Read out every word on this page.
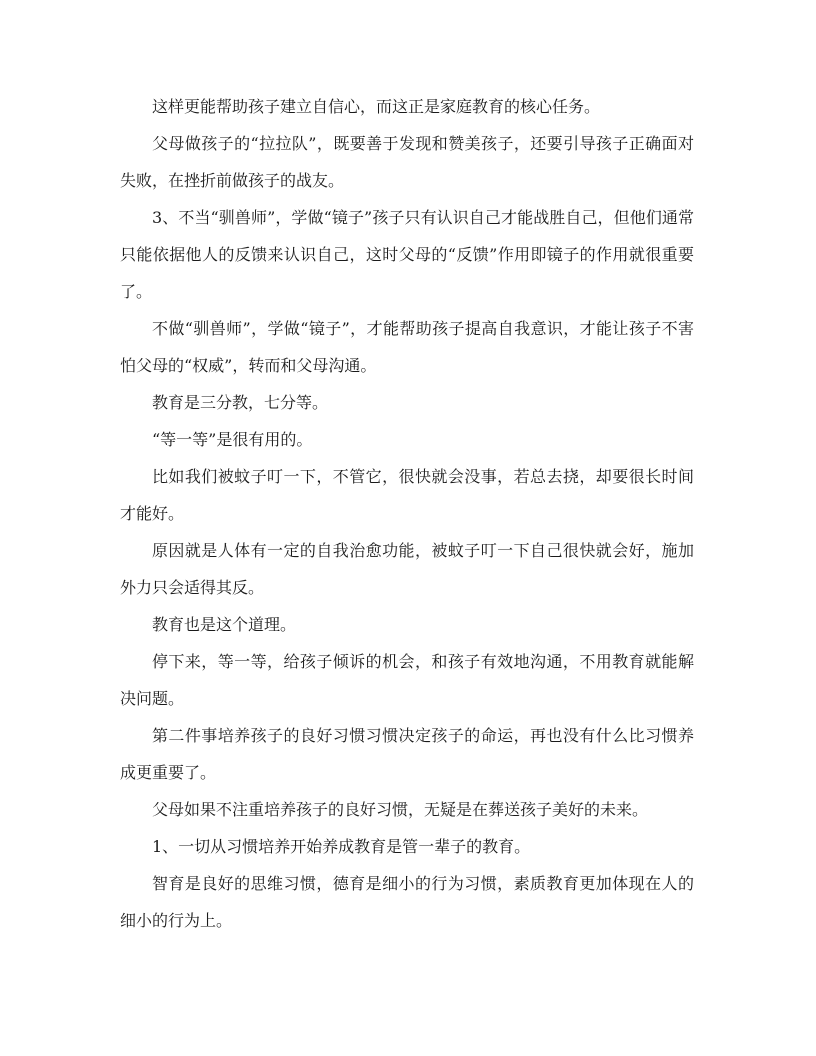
这样更能帮助孩子建立自信心，而这正是家庭教育的核心任务。

父母做孩子的“拉拉队”，既要善于发现和赞美孩子，还要引导孩子正确面对失败，在挫折前做孩子的战友。

3、不当“驯兽师”，学做“镜子”孩子只有认识自己才能战胜自己，但他们通常只能依据他人的反馈来认识自己，这时父母的“反馈”作用即镜子的作用就很重要了。

不做“驯兽师”，学做“镜子”，才能帮助孩子提高自我意识，才能让孩子不害怕父母的“权威”，转而和父母沟通。

教育是三分教，七分等。

“等一等”是很有用的。

比如我们被蚊子叮一下，不管它，很快就会没事，若总去挠，却要很长时间才能好。

原因就是人体有一定的自我治愈功能，被蚊子叮一下自己很快就会好，施加外力只会适得其反。

教育也是这个道理。

停下来，等一等，给孩子倾诉的机会，和孩子有效地沟通，不用教育就能解决问题。

第二件事培养孩子的良好习惯习惯决定孩子的命运，再也没有什么比习惯养成更重要了。

父母如果不注重培养孩子的良好习惯，无疑是在葬送孩子美好的未来。

1、一切从习惯培养开始养成教育是管一辈子的教育。

智育是良好的思维习惯，德育是细小的行为习惯，素质教育更加体现在人的细小的行为上。
